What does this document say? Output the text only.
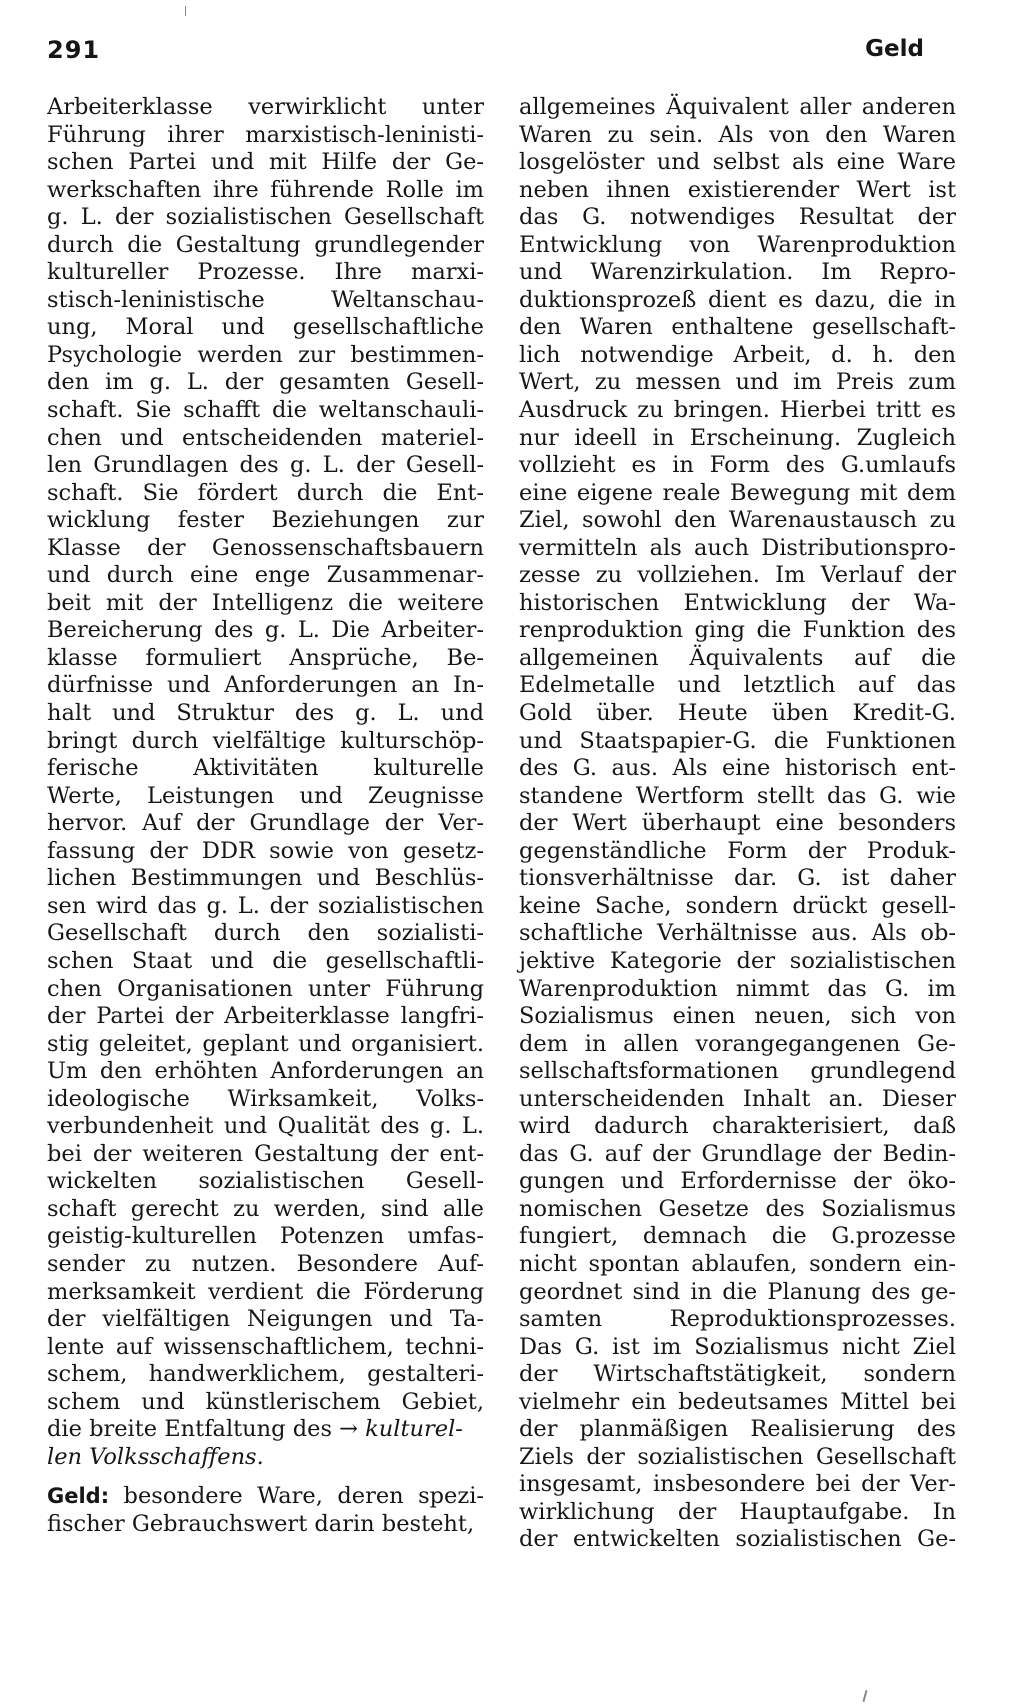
291	Geld
Arbeiterklasse verwirklicht unter
Führung ihrer marxistisch-leninisti-
schen Partei und mit Hilfe der Ge-
werkschaften ihre führende Rolle im
g. L. der sozialistischen Gesellschaft
durch die Gestaltung grundlegender
kultureller Prozesse. Ihre marxi-
stisch-leninistische Weltanschau-
ung, Moral und gesellschaftliche
Psychologie werden zur bestimmen-
den im g. L. der gesamten Gesell-
schaft. Sie schafft die weltanschauli-
chen und entscheidenden materiel-
len Grundlagen des g. L. der Gesell-
schaft. Sie fördert durch die Ent-
wicklung fester Beziehungen zur
Klasse der Genossenschaftsbauern
und durch eine enge Zusammenar-
beit mit der Intelligenz die weitere
Bereicherung des g. L. Die Arbeiter-
klasse formuliert Ansprüche, Be-
dürfnisse und Anforderungen an In-
halt und Struktur des g. L. und
bringt durch vielfältige kulturschöp-
ferische Aktivitäten kulturelle
Werte, Leistungen und Zeugnisse
hervor. Auf der Grundlage der Ver-
fassung der DDR sowie von gesetz-
lichen Bestimmungen und Beschlüs-
sen wird das g. L. der sozialistischen
Gesellschaft durch den sozialisti-
schen Staat und die gesellschaftli-
chen Organisationen unter Führung
der Partei der Arbeiterklasse langfri-
stig geleitet, geplant und organisiert.
Um den erhöhten Anforderungen an
ideologische Wirksamkeit, Volks-
verbundenheit und Qualität des g. L.
bei der weiteren Gestaltung der ent-
wickelten sozialistischen Gesell-
schaft gerecht zu werden, sind alle
geistig-kulturellen Potenzen umfas-
sender zu nutzen. Besondere Auf-
merksamkeit verdient die Förderung
der vielfältigen Neigungen und Ta-
lente auf wissenschaftlichem, techni-
schem, handwerklichem, gestalteri-
schem und künstlerischem Gebiet,
die breite Entfaltung des → kulturel-
len Volksschaffens.
Geld: besondere Ware, deren spezi-
fischer Gebrauchswert darin besteht,
allgemeines Äquivalent aller anderen
Waren zu sein. Als von den Waren
losgelöster und selbst als eine Ware
neben ihnen existierender Wert ist
das G. notwendiges Resultat der
Entwicklung von Warenproduktion
und Warenzirkulation. Im Repro-
duktionsprozeß dient es dazu, die in
den Waren enthaltene gesellschaft-
lich notwendige Arbeit, d. h. den
Wert, zu messen und im Preis zum
Ausdruck zu bringen. Hierbei tritt es
nur ideell in Erscheinung. Zugleich
vollzieht es in Form des G.umlaufs
eine eigene reale Bewegung mit dem
Ziel, sowohl den Warenaustausch zu
vermitteln als auch Distributionspro-
zesse zu vollziehen. Im Verlauf der
historischen Entwicklung der Wa-
renproduktion ging die Funktion des
allgemeinen Äquivalents auf die
Edelmetalle und letztlich auf das
Gold über. Heute üben Kredit-G.
und Staatspapier-G. die Funktionen
des G. aus. Als eine historisch ent-
standene Wertform stellt das G. wie
der Wert überhaupt eine besonders
gegenständliche Form der Produk-
tionsverhältnisse dar. G. ist daher
keine Sache, sondern drückt gesell-
schaftliche Verhältnisse aus. Als ob-
jektive Kategorie der sozialistischen
Warenproduktion nimmt das G. im
Sozialismus einen neuen, sich von
dem in allen vorangegangenen Ge-
sellschaftsformationen grundlegend
unterscheidenden Inhalt an. Dieser
wird dadurch charakterisiert, daß
das G. auf der Grundlage der Bedin-
gungen und Erfordernisse der öko-
nomischen Gesetze des Sozialismus
fungiert, demnach die G.prozesse
nicht spontan ablaufen, sondern ein-
geordnet sind in die Planung des ge-
samten Reproduktionsprozesses.
Das G. ist im Sozialismus nicht Ziel
der Wirtschaftstätigkeit, sondern
vielmehr ein bedeutsames Mittel bei
der planmäßigen Realisierung des
Ziels der sozialistischen Gesellschaft
insgesamt, insbesondere bei der Ver-
wirklichung der Hauptaufgabe. In
der entwickelten sozialistischen Ge-
